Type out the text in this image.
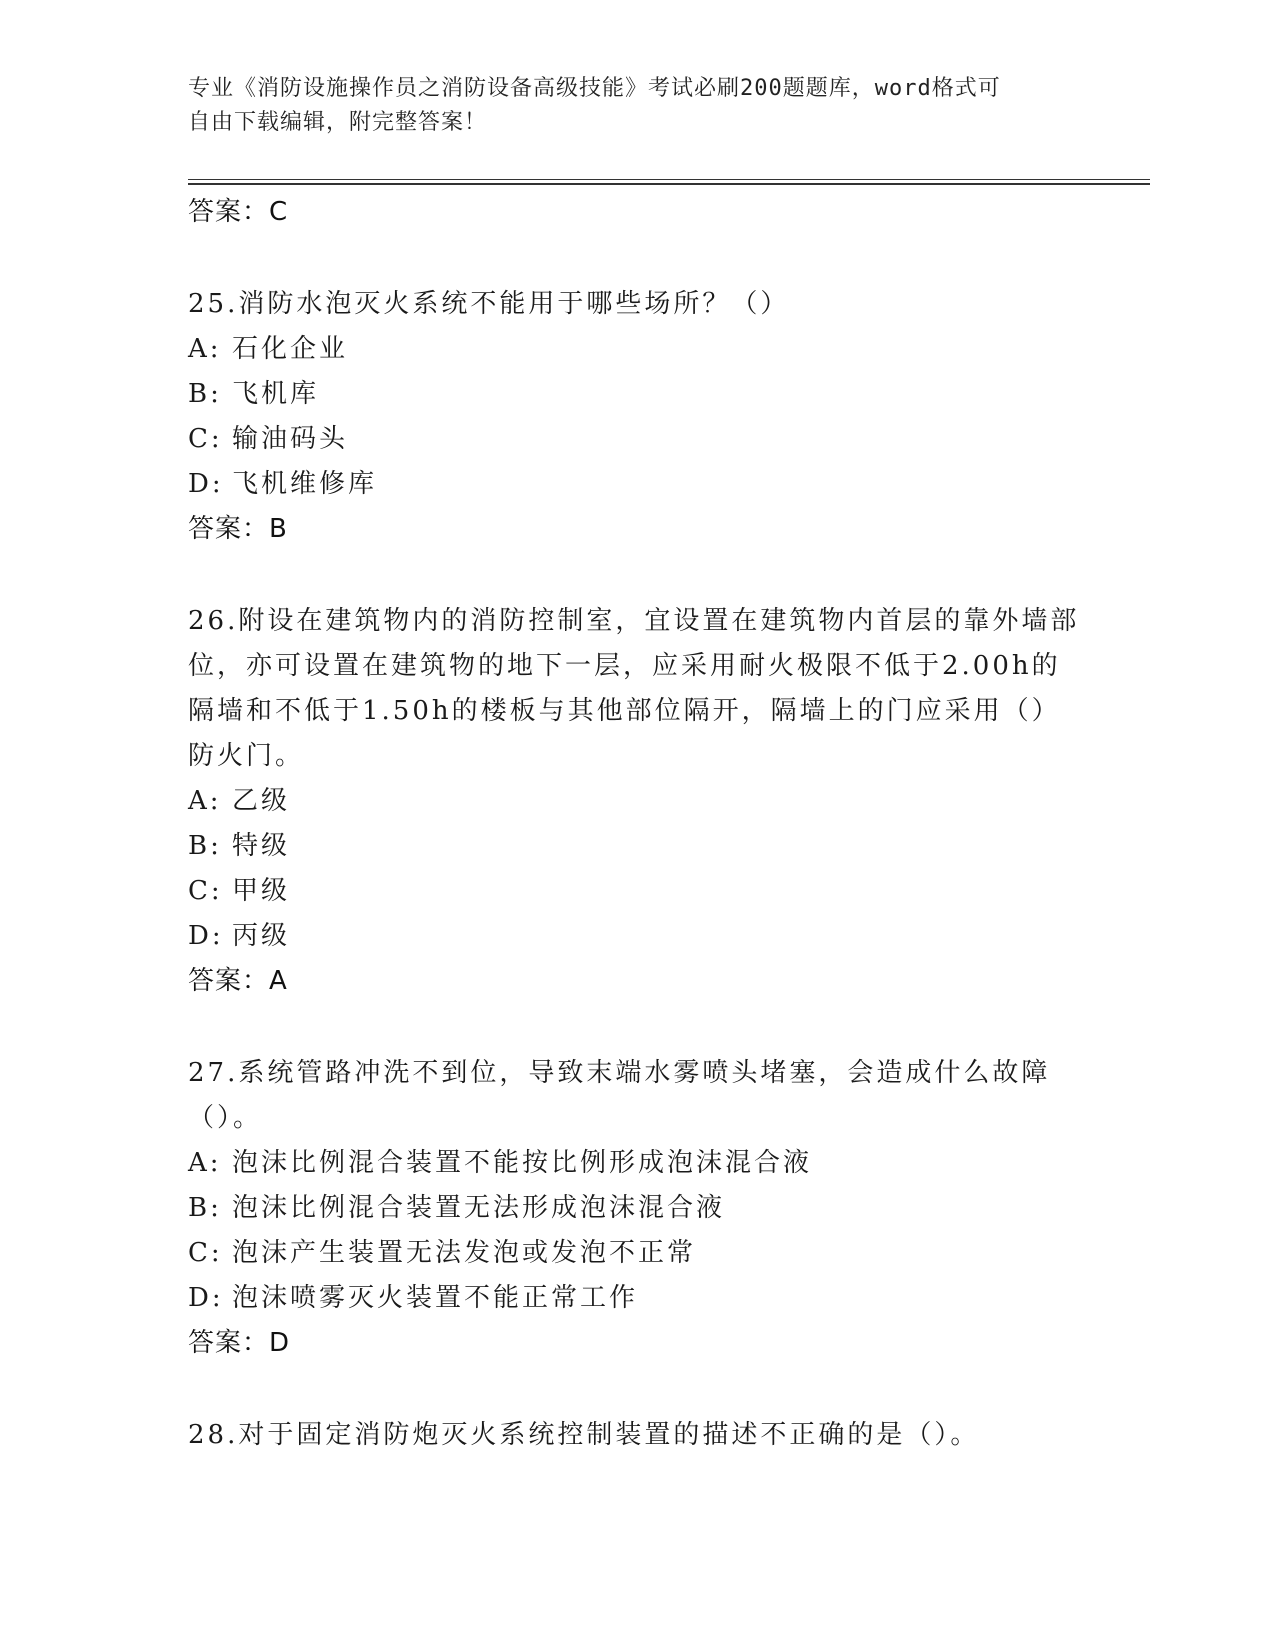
专业《消防设施操作员之消防设备高级技能》考试必刷200题题库，word格式可
自由下载编辑，附完整答案！
答案：C
25.消防水泡灭火系统不能用于哪些场所？（）
A: 石化企业
B: 飞机库
C: 输油码头
D: 飞机维修库
答案：B
26.附设在建筑物内的消防控制室，宜设置在建筑物内首层的靠外墙部位，亦可设置在建筑物的地下一层，应采用耐火极限不低于2.00h的隔墙和不低于1.50h的楼板与其他部位隔开，隔墙上的门应采用（）防火门。
A: 乙级
B: 特级
C: 甲级
D: 丙级
答案：A
27.系统管路冲洗不到位，导致末端水雾喷头堵塞，会造成什么故障（）。
A: 泡沫比例混合装置不能按比例形成泡沫混合液
B: 泡沫比例混合装置无法形成泡沫混合液
C: 泡沫产生装置无法发泡或发泡不正常
D: 泡沫喷雾灭火装置不能正常工作
答案：D
28.对于固定消防炮灭火系统控制装置的描述不正确的是（）。
